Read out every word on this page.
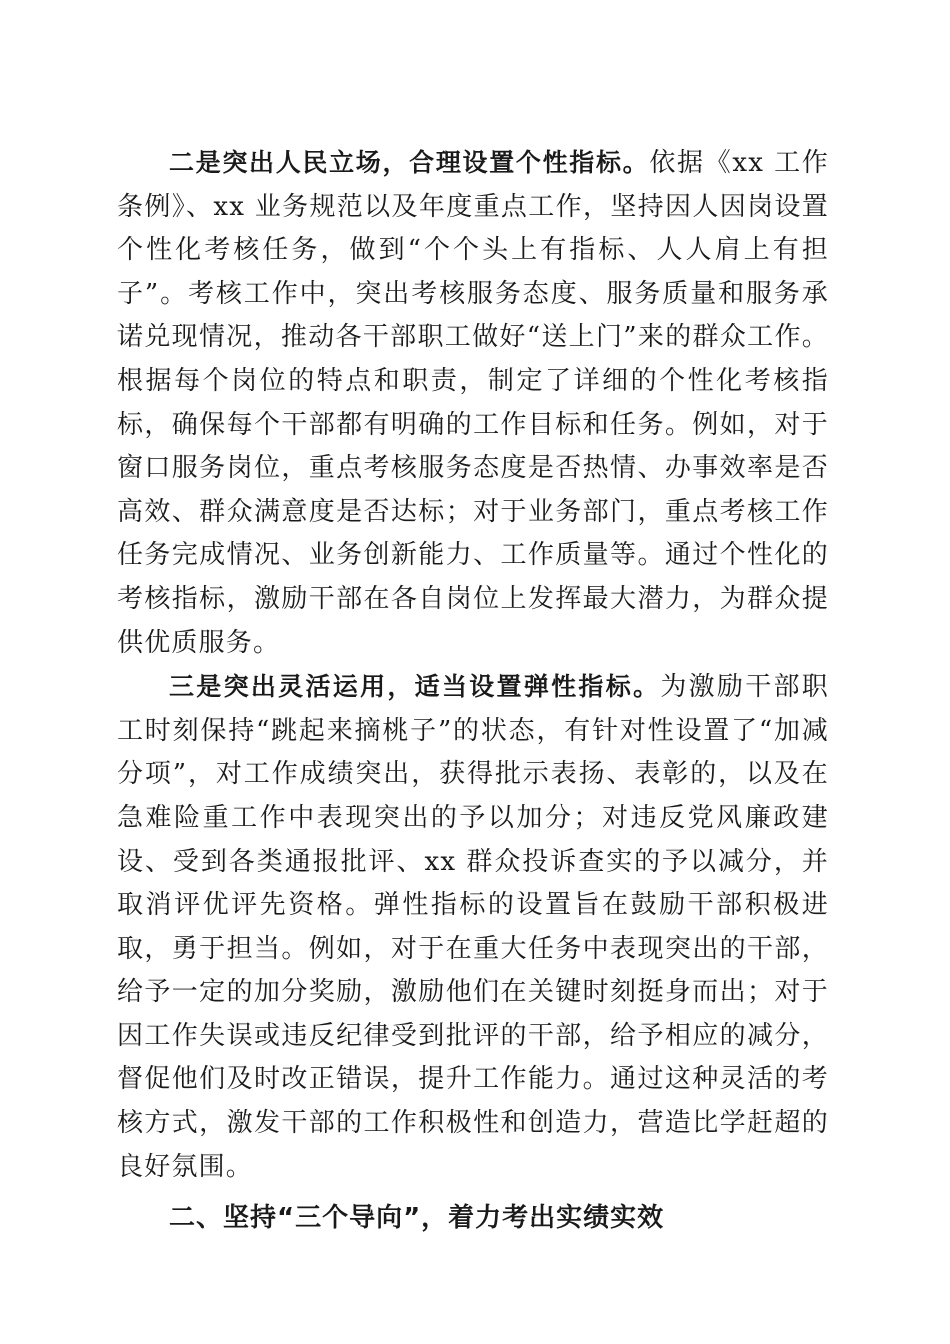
二是突出人民立场，合理设置个性指标。依据《xx 工作条例》、xx 业务规范以及年度重点工作，坚持因人因岗设置个性化考核任务，做到“个个头上有指标、人人肩上有担子”。考核工作中，突出考核服务态度、服务质量和服务承诺兑现情况，推动各干部职工做好“送上门”来的群众工作。根据每个岗位的特点和职责，制定了详细的个性化考核指标，确保每个干部都有明确的工作目标和任务。例如，对于窗口服务岗位，重点考核服务态度是否热情、办事效率是否高效、群众满意度是否达标；对于业务部门，重点考核工作任务完成情况、业务创新能力、工作质量等。通过个性化的考核指标，激励干部在各自岗位上发挥最大潜力，为群众提供优质服务。

三是突出灵活运用，适当设置弹性指标。为激励干部职工时刻保持“跳起来摘桃子”的状态，有针对性设置了“加减分项”，对工作成绩突出，获得批示表扬、表彰的，以及在急难险重工作中表现突出的予以加分；对违反党风廉政建设、受到各类通报批评、xx 群众投诉查实的予以减分，并取消评优评先资格。弹性指标的设置旨在鼓励干部积极进取，勇于担当。例如，对于在重大任务中表现突出的干部，给予一定的加分奖励，激励他们在关键时刻挺身而出；对于因工作失误或违反纪律受到批评的干部，给予相应的减分，督促他们及时改正错误，提升工作能力。通过这种灵活的考核方式，激发干部的工作积极性和创造力，营造比学赶超的良好氛围。

二、坚持“三个导向”，着力考出实绩实效
